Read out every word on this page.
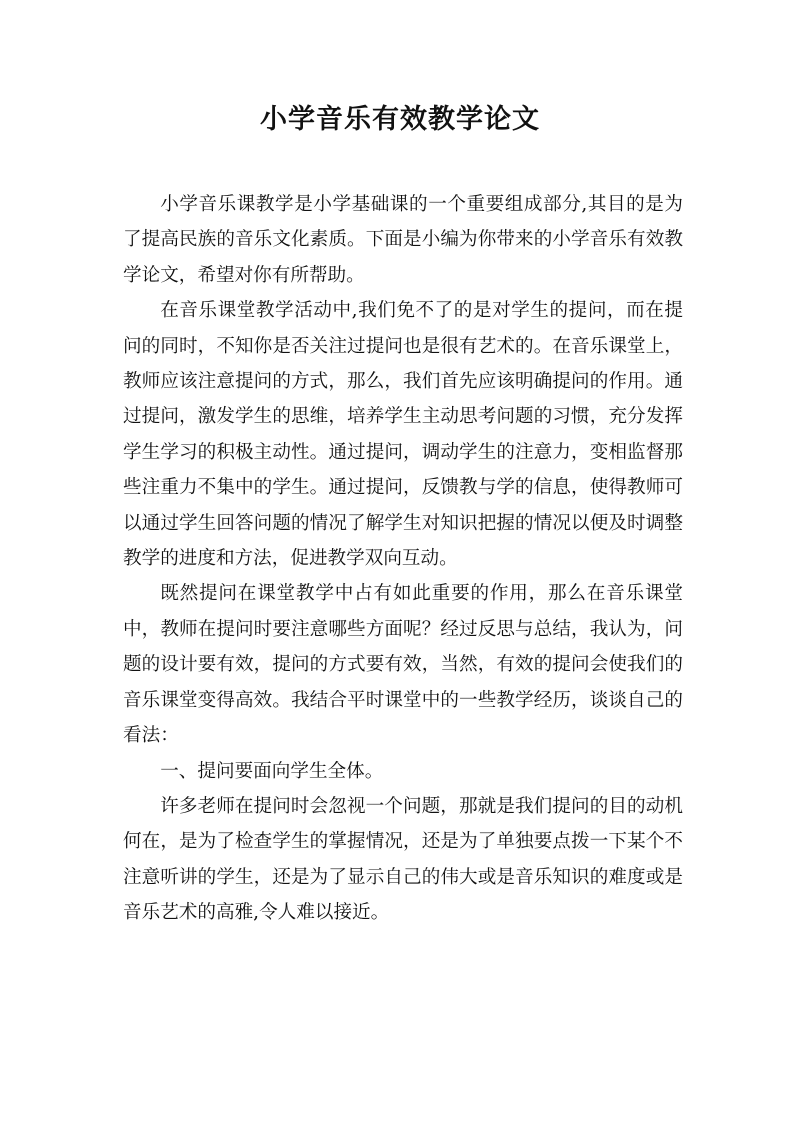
小学音乐有效教学论文

小学音乐课教学是小学基础课的一个重要组成部分,其目的是为了提高民族的音乐文化素质。下面是小编为你带来的小学音乐有效教学论文，希望对你有所帮助。

在音乐课堂教学活动中,我们免不了的是对学生的提问，而在提问的同时，不知你是否关注过提问也是很有艺术的。在音乐课堂上，教师应该注意提问的方式，那么，我们首先应该明确提问的作用。通过提问，激发学生的思维，培养学生主动思考问题的习惯，充分发挥学生学习的积极主动性。通过提问，调动学生的注意力，变相监督那些注重力不集中的学生。通过提问，反馈教与学的信息，使得教师可以通过学生回答问题的情况了解学生对知识把握的情况以便及时调整教学的进度和方法，促进教学双向互动。

既然提问在课堂教学中占有如此重要的作用，那么在音乐课堂中，教师在提问时要注意哪些方面呢？经过反思与总结，我认为，问题的设计要有效，提问的方式要有效，当然，有效的提问会使我们的音乐课堂变得高效。我结合平时课堂中的一些教学经历，谈谈自己的看法：

一、提问要面向学生全体。

许多老师在提问时会忽视一个问题，那就是我们提问的目的动机何在，是为了检查学生的掌握情况，还是为了单独要点拨一下某个不注意听讲的学生，还是为了显示自己的伟大或是音乐知识的难度或是音乐艺术的高雅,令人难以接近。
